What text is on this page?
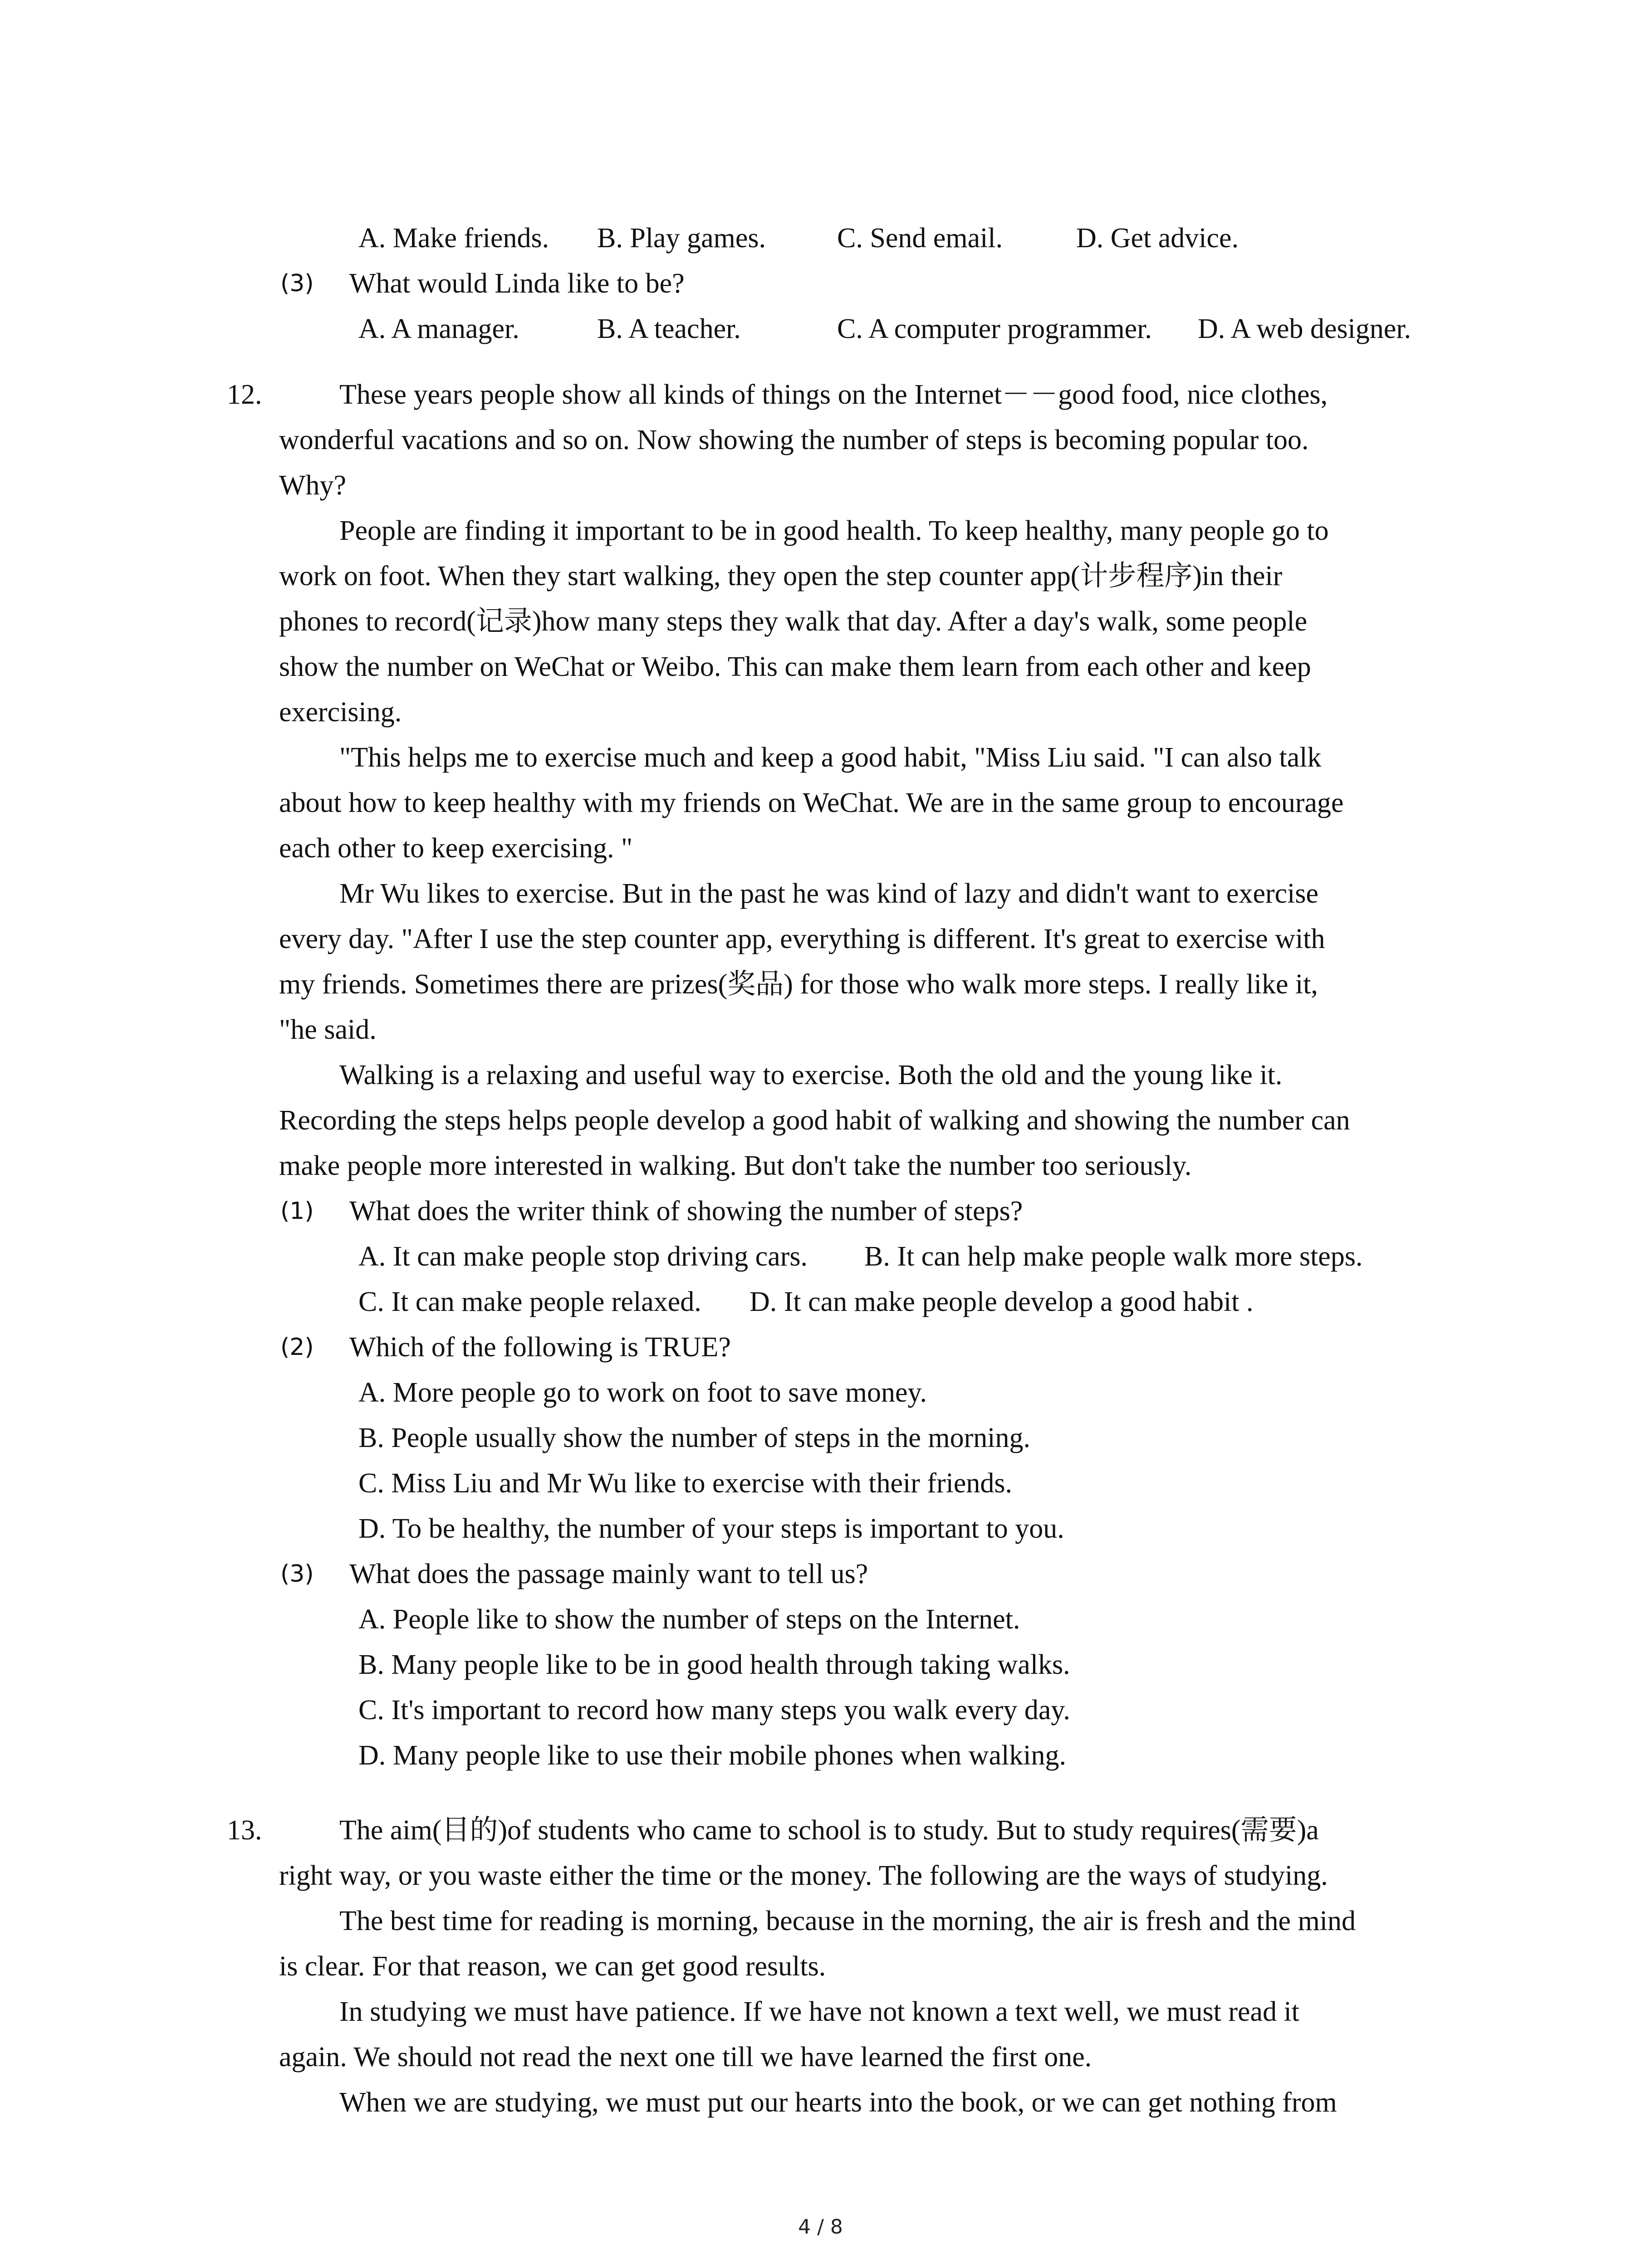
A. Make friends. B. Play games.	C. Send email.	D. Get advice.
(3) What would Linda like to be?
A. A manager.	B. A teacher.	C. A computer programmer. D. A web designer.
12.	These years people show all kinds of things on the Internet－－good food, nice clothes,
wonderful vacations and so on. Now showing the number of steps is becoming popular too.
Why?
People are finding it important to be in good health. To keep healthy, many people go to
work on foot. When they start walking, they open the step counter app(计步程序)in their
phones to record(记录)how many steps they walk that day. After a day's walk, some people
show the number on WeChat or Weibo. This can make them learn from each other and keep
exercising.
"This helps me to exercise much and keep a good habit, "Miss Liu said. "I can also talk
about how to keep healthy with my friends on WeChat. We are in the same group to encourage
each other to keep exercising. "
Mr Wu likes to exercise. But in the past he was kind of lazy and didn't want to exercise
every day. "After I use the step counter app, everything is different. It's great to exercise with
my friends. Sometimes there are prizes(奖品) for those who walk more steps. I really like it,
"he said.
Walking is a relaxing and useful way to exercise. Both the old and the young like it.
Recording the steps helps people develop a good habit of walking and showing the number can
make people more interested in walking. But don't take the number too seriously.
(1) What does the writer think of showing the number of steps?
A. It can make people stop driving cars. B. It can help make people walk more steps.
C. It can make people relaxed. D. It can make people develop a good habit .
(2) Which of the following is TRUE?
A. More people go to work on foot to save money.
B. People usually show the number of steps in the morning.
C. Miss Liu and Mr Wu like to exercise with their friends.
D. To be healthy, the number of your steps is important to you.
(3) What does the passage mainly want to tell us?
A. People like to show the number of steps on the Internet.
B. Many people like to be in good health through taking walks.
C. It's important to record how many steps you walk every day.
D. Many people like to use their mobile phones when walking.
13.	The aim(目的)of students who came to school is to study. But to study requires(需要)a
right way, or you waste either the time or the money. The following are the ways of studying.
The best time for reading is morning, because in the morning, the air is fresh and the mind
is clear. For that reason, we can get good results.
In studying we must have patience. If we have not known a text well, we must read it
again. We should not read the next one till we have learned the first one.
When we are studying, we must put our hearts into the book, or we can get nothing from
4 / 8
